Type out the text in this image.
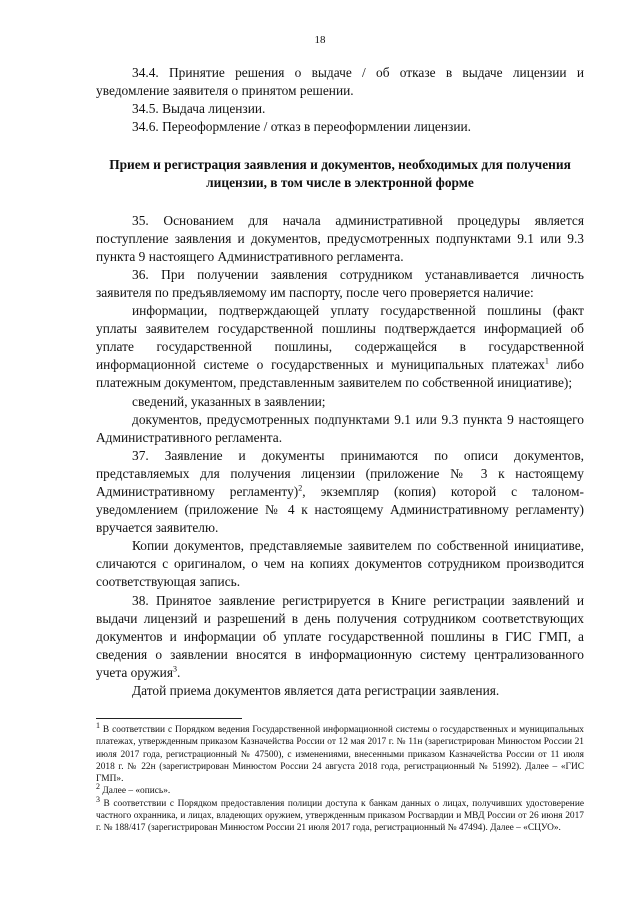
18

34.4. Принятие решения о выдаче / об отказе в выдаче лицензии и уведомление заявителя о принятом решении.

34.5. Выдача лицензии.

34.6. Переоформление / отказ в переоформлении лицензии.

Прием и регистрация заявления и документов, необходимых для получения лицензии, в том числе в электронной форме

35. Основанием для начала административной процедуры является поступление заявления и документов, предусмотренных подпунктами 9.1 или 9.3 пункта 9 настоящего Административного регламента.

36. При получении заявления сотрудником устанавливается личность заявителя по предъявляемому им паспорту, после чего проверяется наличие:

информации, подтверждающей уплату государственной пошлины (факт уплаты заявителем государственной пошлины подтверждается информацией об уплате государственной пошлины, содержащейся в государственной информационной системе о государственных и муниципальных платежах$^1$ либо платежным документом, представленным заявителем по собственной инициативе);

сведений, указанных в заявлении;

документов, предусмотренных подпунктами 9.1 или 9.3 пункта 9 настоящего Административного регламента.

37. Заявление и документы принимаются по описи документов, представляемых для получения лицензии (приложение № 3 к настоящему Административному регламенту)$^2$, экземпляр (копия) которой с талоном-уведомлением (приложение № 4 к настоящему Административному регламенту) вручается заявителю.

Копии документов, представляемые заявителем по собственной инициативе, сличаются с оригиналом, о чем на копиях документов сотрудником производится соответствующая запись.

38. Принятое заявление регистрируется в Книге регистрации заявлений и выдачи лицензий и разрешений в день получения сотрудником соответствующих документов и информации об уплате государственной пошлины в ГИС ГМП, а сведения о заявлении вносятся в информационную систему централизованного учета оружия$^3$.

Датой приема документов является дата регистрации заявления.

$^1$ В соответствии с Порядком ведения Государственной информационной системы о государственных и муниципальных платежах, утвержденным приказом Казначейства России от 12 мая 2017 г. № 11н (зарегистрирован Минюстом России 21 июля 2017 года, регистрационный № 47500), с изменениями, внесенными приказом Казначейства России от 11 июля 2018 г. № 22н (зарегистрирован Минюстом России 24 августа 2018 года, регистрационный № 51992). Далее – «ГИС ГМП».

$^2$ Далее – «опись».

$^3$ В соответствии с Порядком предоставления полиции доступа к банкам данных о лицах, получивших удостоверение частного охранника, и лицах, владеющих оружием, утвержденным приказом Росгвардии и МВД России от 26 июня 2017 г. № 188/417 (зарегистрирован Минюстом России 21 июля 2017 года, регистрационный № 47494). Далее – «СЦУО».
